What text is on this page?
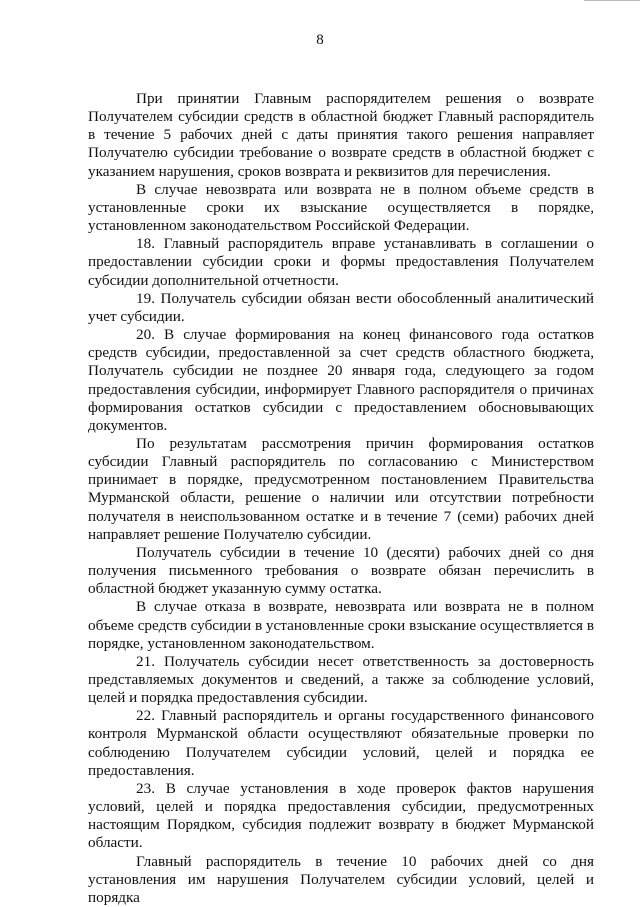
8

При принятии Главным распорядителем решения о возврате Получателем субсидии средств в областной бюджет Главный распорядитель в течение 5 рабочих дней с даты принятия такого решения направляет Получателю субсидии требование о возврате средств в областной бюджет с указанием нарушения, сроков возврата и реквизитов для перечисления.

В случае невозврата или возврата не в полном объеме средств в установленные сроки их взыскание осуществляется в порядке, установленном законодательством Российской Федерации.

18. Главный распорядитель вправе устанавливать в соглашении о предоставлении субсидии сроки и формы предоставления Получателем субсидии дополнительной отчетности.

19. Получатель субсидии обязан вести обособленный аналитический учет субсидии.

20. В случае формирования на конец финансового года остатков средств субсидии, предоставленной за счет средств областного бюджета, Получатель субсидии не позднее 20 января года, следующего за годом предоставления субсидии, информирует Главного распорядителя о причинах формирования остатков субсидии с предоставлением обосновывающих документов.

По результатам рассмотрения причин формирования остатков субсидии Главный распорядитель по согласованию с Министерством принимает в порядке, предусмотренном постановлением Правительства Мурманской области, решение о наличии или отсутствии потребности получателя в неиспользованном остатке и в течение 7 (семи) рабочих дней направляет решение Получателю субсидии.

Получатель субсидии в течение 10 (десяти) рабочих дней со дня получения письменного требования о возврате обязан перечислить в областной бюджет указанную сумму остатка.

В случае отказа в возврате, невозврата или возврата не в полном объеме средств субсидии в установленные сроки взыскание осуществляется в порядке, установленном законодательством.

21. Получатель субсидии несет ответственность за достоверность представляемых документов и сведений, а также за соблюдение условий, целей и порядка предоставления субсидии.

22. Главный распорядитель и органы государственного финансового контроля Мурманской области осуществляют обязательные проверки по соблюдению Получателем субсидии условий, целей и порядка ее предоставления.

23. В случае установления в ходе проверок фактов нарушения условий, целей и порядка предоставления субсидии, предусмотренных настоящим Порядком, субсидия подлежит возврату в бюджет Мурманской области.

Главный распорядитель в течение 10 рабочих дней со дня установления им нарушения Получателем субсидии условий, целей и порядка
